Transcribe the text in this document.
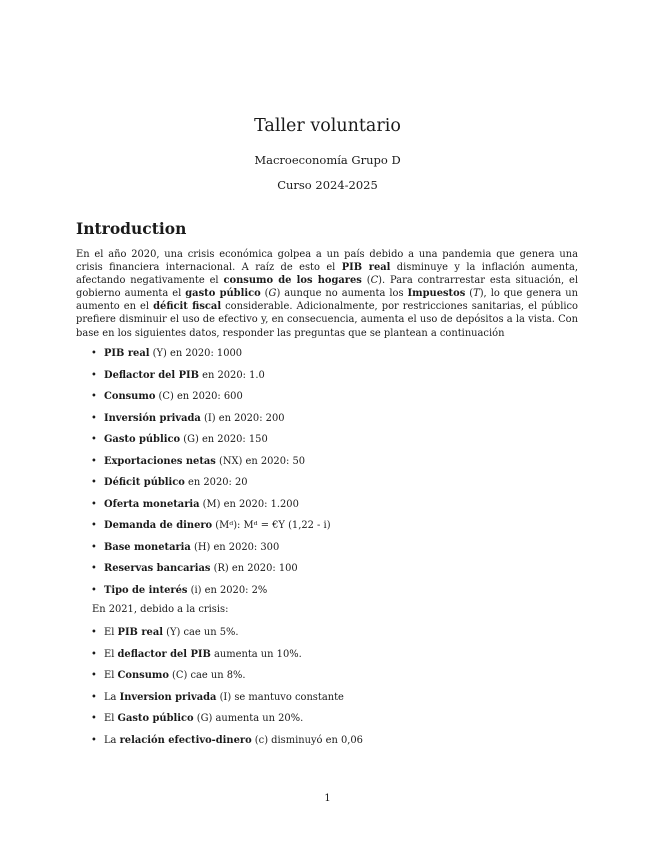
Taller voluntario
Macroeconomía Grupo D
Curso 2024-2025
Introduction
En el año 2020, una crisis económica golpea a un país debido a una pandemia que genera una crisis financiera internacional. A raíz de esto el PIB real disminuye y la inflación aumenta, afectando negativamente el consumo de los hogares (C). Para contrarrestar esta situación, el gobierno aumenta el gasto público (G) aunque no aumenta los Impuestos (T), lo que genera un aumento en el déficit fiscal considerable. Adicionalmente, por restricciones sanitarias, el público prefiere disminuir el uso de efectivo y, en consecuencia, aumenta el uso de depósitos a la vista. Con base en los siguientes datos, responder las preguntas que se plantean a continuación
• PIB real (Y) en 2020: 1000
• Deflactor del PIB en 2020: 1.0
• Consumo (C) en 2020: 600
• Inversión privada (I) en 2020: 200
• Gasto público (G) en 2020: 150
• Exportaciones netas (NX) en 2020: 50
• Déficit público en 2020: 20
• Oferta monetaria (M) en 2020: 1.200
• Demanda de dinero (Mᵈ): Mᵈ = €Y (1,22 - i)
• Base monetaria (H) en 2020: 300
• Reservas bancarias (R) en 2020: 100
• Tipo de interés (i) en 2020: 2%
En 2021, debido a la crisis:
• El PIB real (Y) cae un 5%.
• El deflactor del PIB aumenta un 10%.
• El Consumo (C) cae un 8%.
• La Inversion privada (I) se mantuvo constante
• El Gasto público (G) aumenta un 20%.
• La relación efectivo-dinero (c) disminuyó en 0,06
1
